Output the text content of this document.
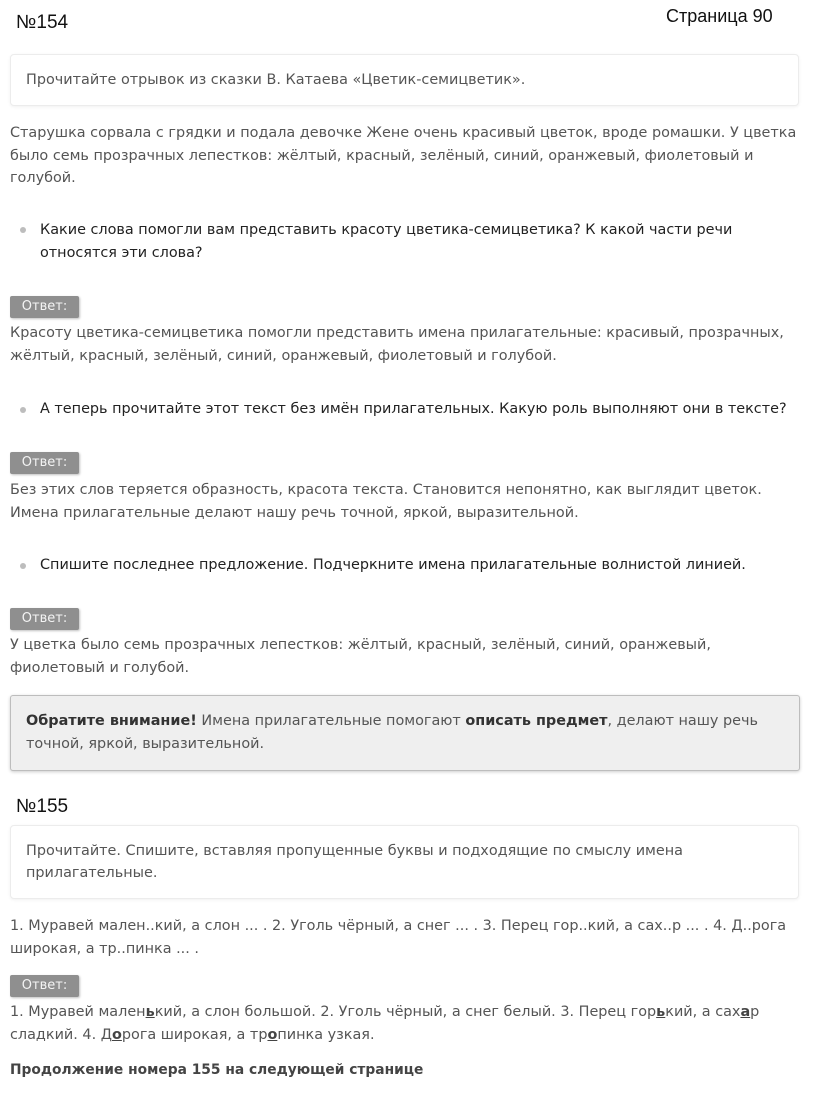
№154	Страница 90
Прочитайте отрывок из сказки В. Катаева «Цветик-семицветик».
Старушка сорвала с грядки и подала девочке Жене очень красивый цветок, вроде ромашки. У цветка было семь прозрачных лепестков: жёлтый, красный, зелёный, синий, оранжевый, фиолетовый и голубой.
Какие слова помогли вам представить красоту цветика-семицветика? К какой части речи относятся эти слова?
Ответ:
Красоту цветика-семицветика помогли представить имена прилагательные: красивый, прозрачных, жёлтый, красный, зелёный, синий, оранжевый, фиолетовый и голубой.
А теперь прочитайте этот текст без имён прилагательных. Какую роль выполняют они в тексте?
Ответ:
Без этих слов теряется образность, красота текста. Становится непонятно, как выглядит цветок. Имена прилагательные делают нашу речь точной, яркой, выразительной.
Спишите последнее предложение. Подчеркните имена прилагательные волнистой линией.
Ответ:
У цветка было семь прозрачных лепестков: жёлтый, красный, зелёный, синий, оранжевый, фиолетовый и голубой.
Обратите внимание! Имена прилагательные помогают описать предмет, делают нашу речь точной, яркой, выразительной.
№155
Прочитайте. Спишите, вставляя пропущенные буквы и подходящие по смыслу имена прилагательные.
1. Муравей мален..кий, а слон ... . 2. Уголь чёрный, а снег ... . 3. Перец гор..кий, а сах..р ... . 4. Д..рога широкая, а тр..пинка ... .
Ответ:
1. Муравей маленький, а слон большой. 2. Уголь чёрный, а снег белый. 3. Перец горький, а сахар сладкий. 4. Дорога широкая, а тропинка узкая.
Продолжение номера 155 на следующей странице
